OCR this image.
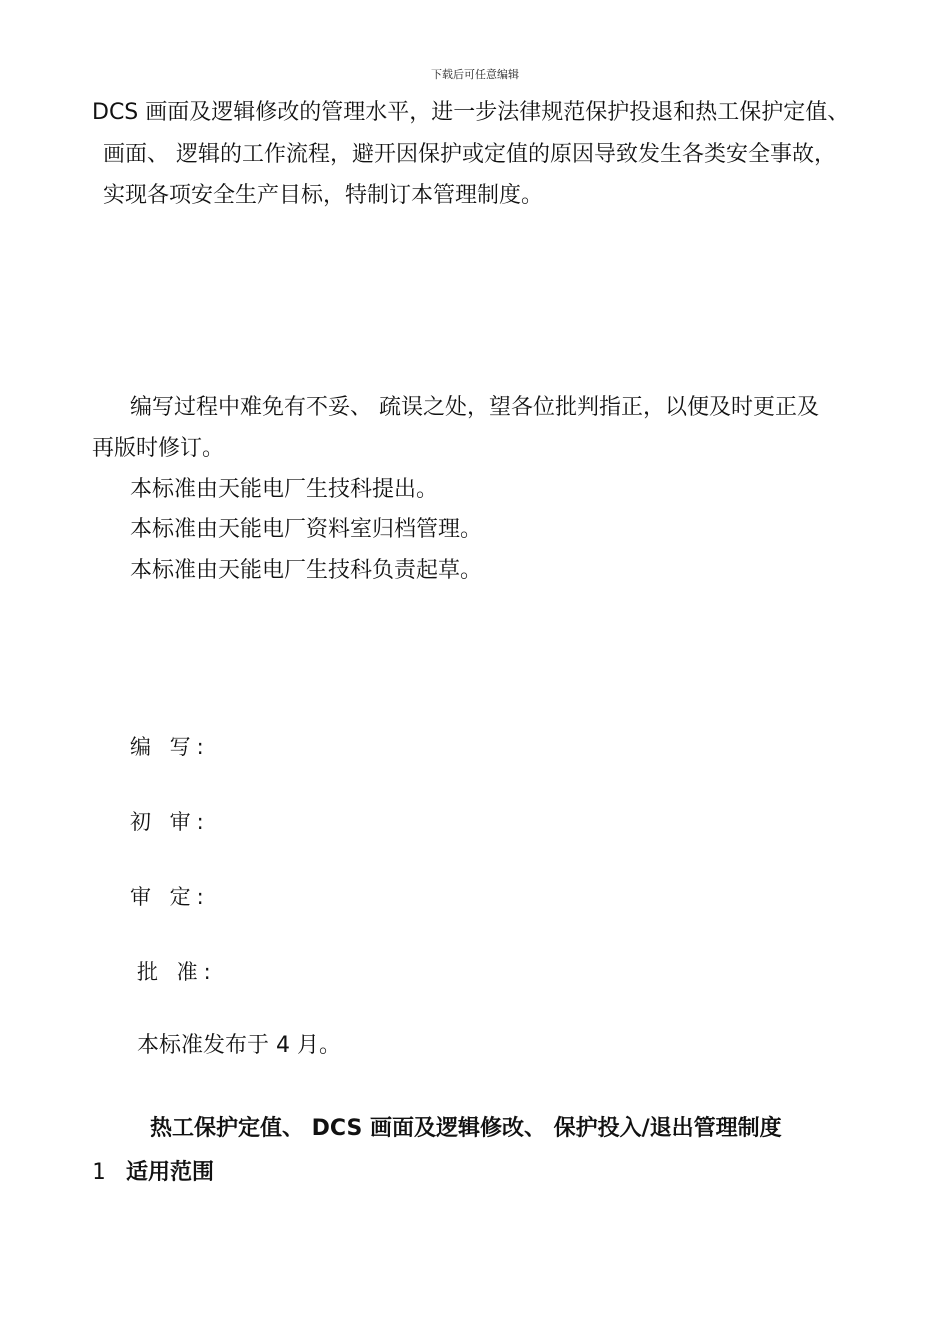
下载后可任意编辑
DCS 画面及逻辑修改的管理水平，进一步法律规范保护投退和热工保护定值、
画面、 逻辑的工作流程，避开因保护或定值的原因导致发生各类安全事故，
实现各项安全生产目标，特制订本管理制度。
编写过程中难免有不妥、 疏误之处，望各位批判指正，以便及时更正及
再版时修订。
本标准由天能电厂生技科提出。
本标准由天能电厂资料室归档管理。
本标准由天能电厂生技科负责起草。
编 写:
初 审:
审 定:
批 准:
本标准发布于 4 月。
热工保护定值、 DCS 画面及逻辑修改、 保护投入/退出管理制度
1 适用范围
